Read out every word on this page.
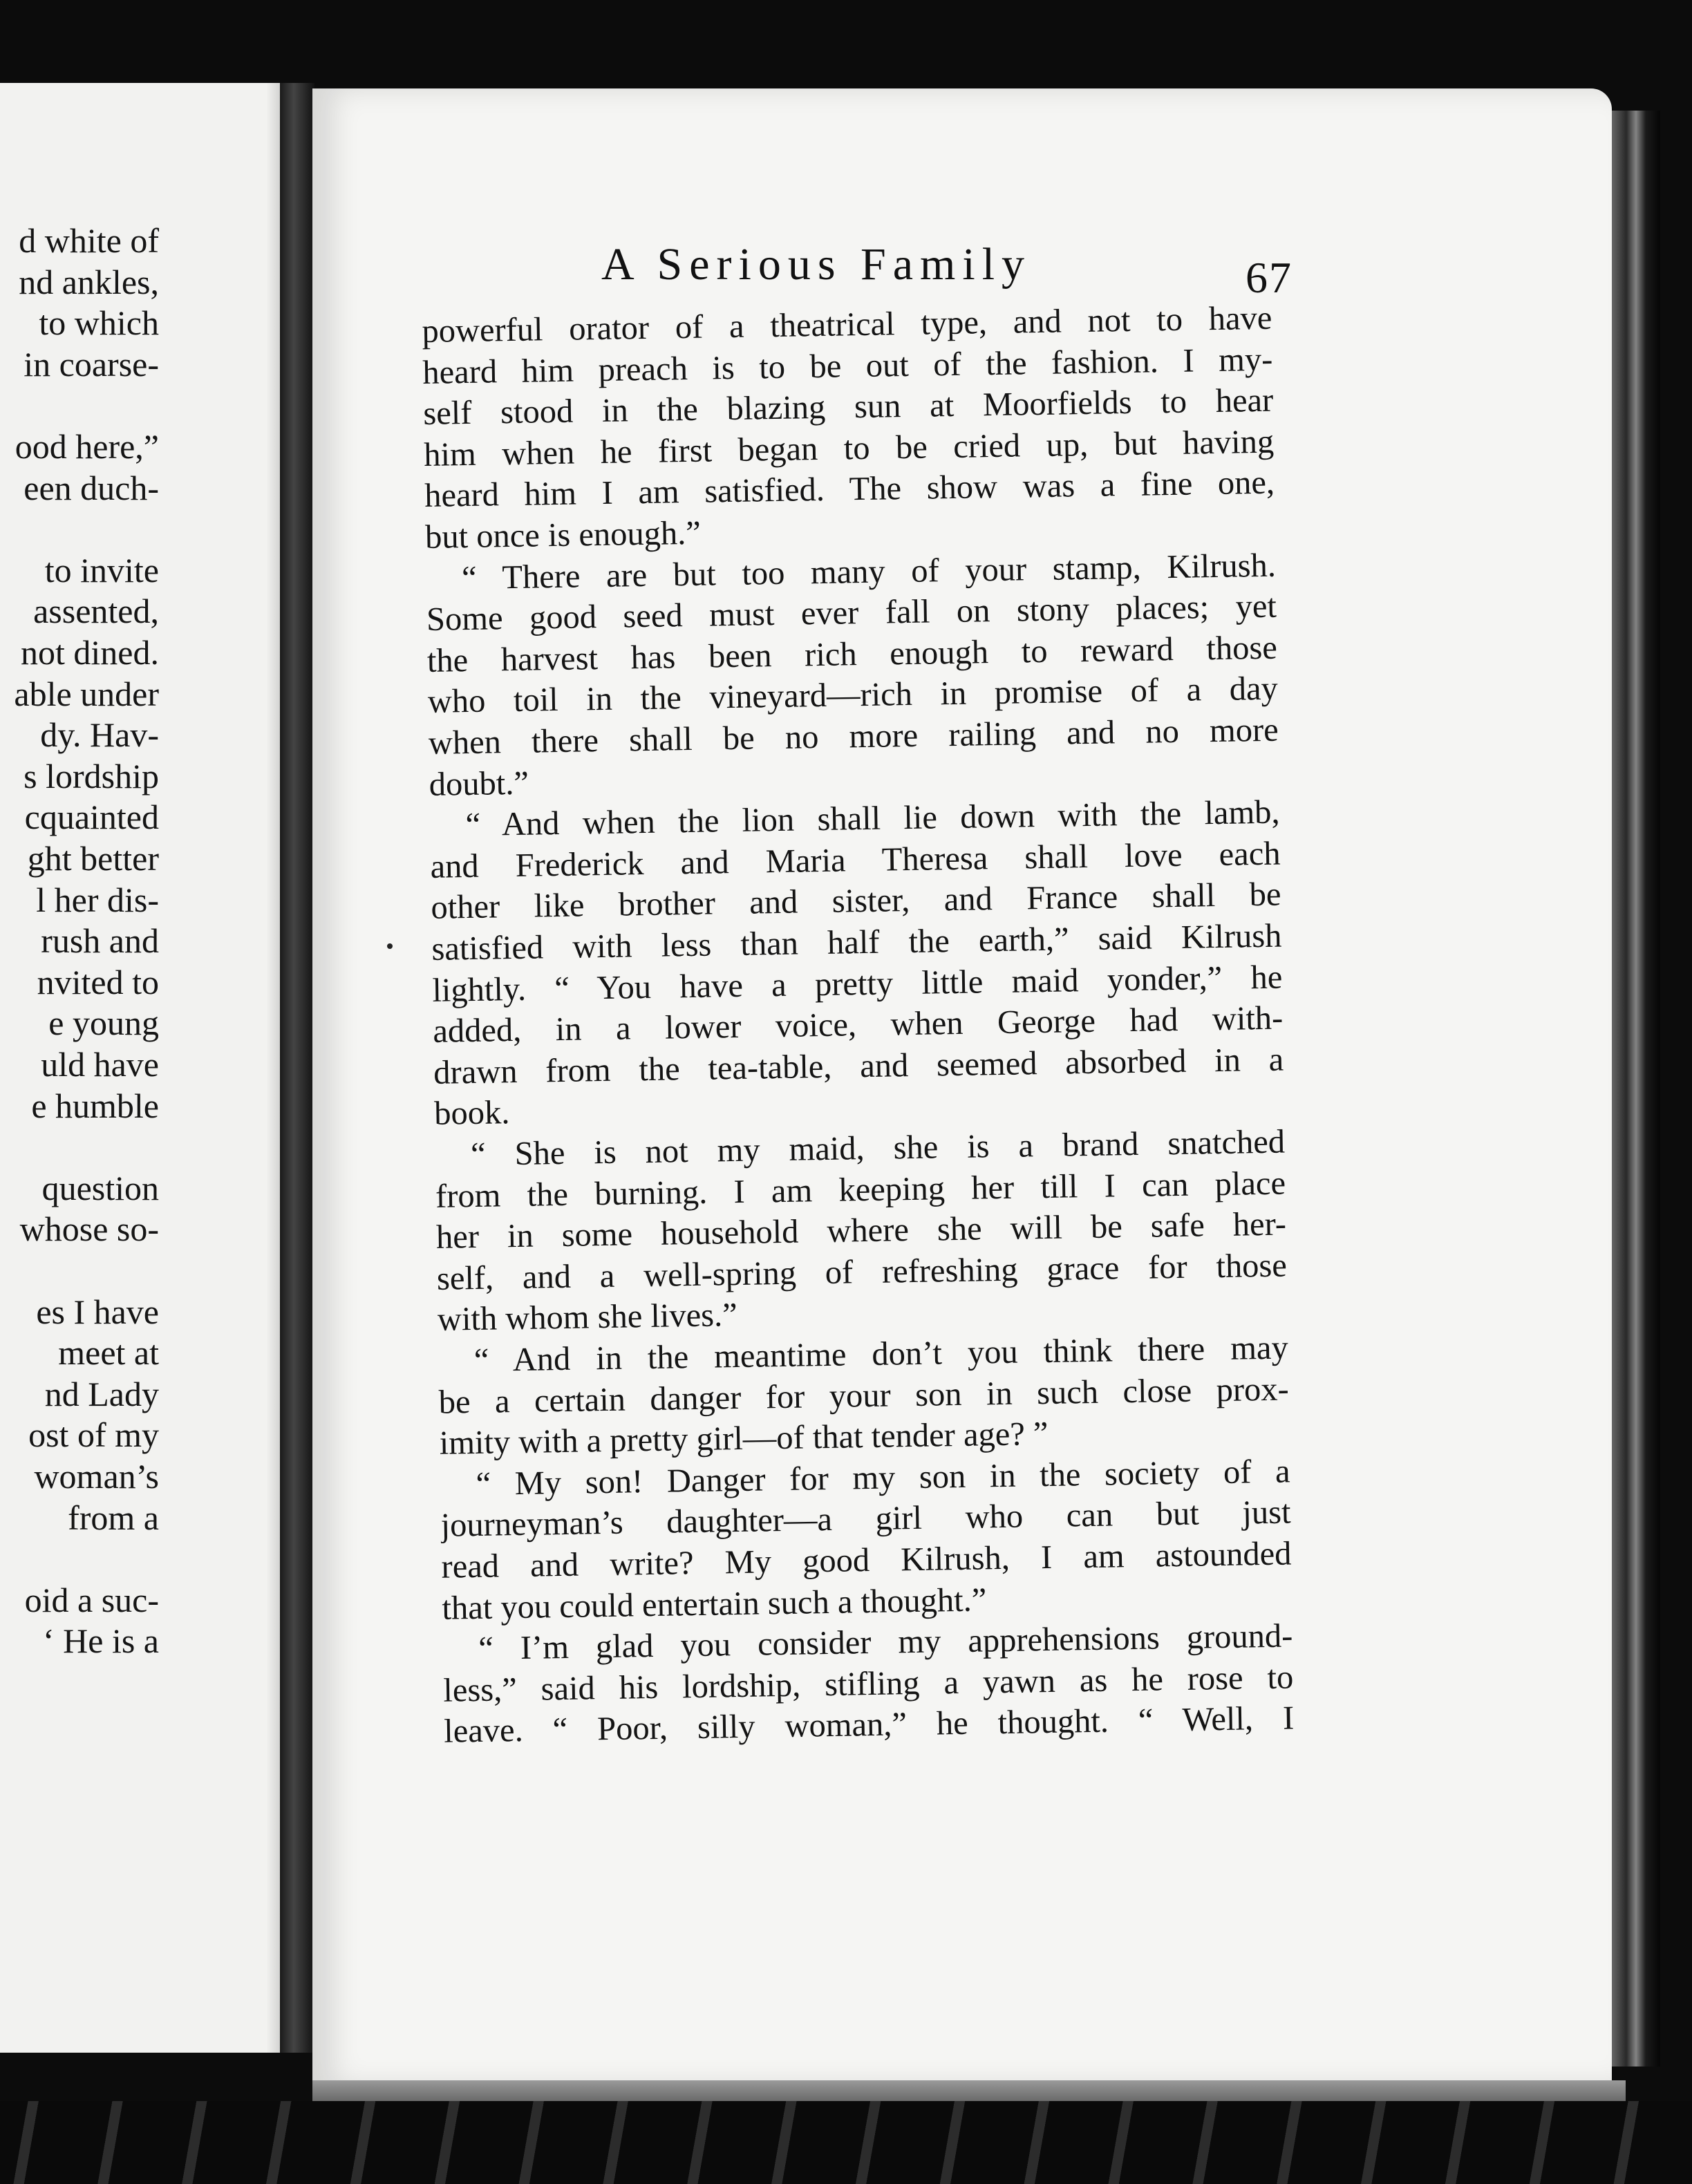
d white of
nd ankles,
to which
in coarse-
ood here,”
een duch-
to invite
assented,
not dined.
able under
dy. Hav-
s lordship
cquainted
ght better
l her dis-
rush and
nvited to
e young
uld have
e humble
question
whose so-
es I have
meet at
nd Lady
ost of my
woman’s
from a
oid a suc-
‘ He is a
A Serious Family	67
powerful orator of a theatrical type, and not to have
heard him preach is to be out of the fashion. I my-
self stood in the blazing sun at Moorfields to hear
him when he first began to be cried up, but having
heard him I am satisfied. The show was a fine one,
but once is enough.”
“ There are but too many of your stamp, Kilrush.
Some good seed must ever fall on stony places; yet
the harvest has been rich enough to reward those
who toil in the vineyard—rich in promise of a day
when there shall be no more railing and no more
doubt.”
“ And when the lion shall lie down with the lamb,
and Frederick and Maria Theresa shall love each
other like brother and sister, and France shall be
satisfied with less than half the earth,” said Kilrush
lightly. “ You have a pretty little maid yonder,” he
added, in a lower voice, when George had with-
drawn from the tea-table, and seemed absorbed in a
book.
“ She is not my maid, she is a brand snatched
from the burning. I am keeping her till I can place
her in some household where she will be safe her-
self, and a well-spring of refreshing grace for those
with whom she lives.”
“ And in the meantime don’t you think there may
be a certain danger for your son in such close prox-
imity with a pretty girl—of that tender age? ”
“ My son! Danger for my son in the society of a
journeyman’s daughter—a girl who can but just
read and write? My good Kilrush, I am astounded
that you could entertain such a thought.”
“ I’m glad you consider my apprehensions ground-
less,” said his lordship, stifling a yawn as he rose to
leave. “ Poor, silly woman,” he thought. “ Well, I
